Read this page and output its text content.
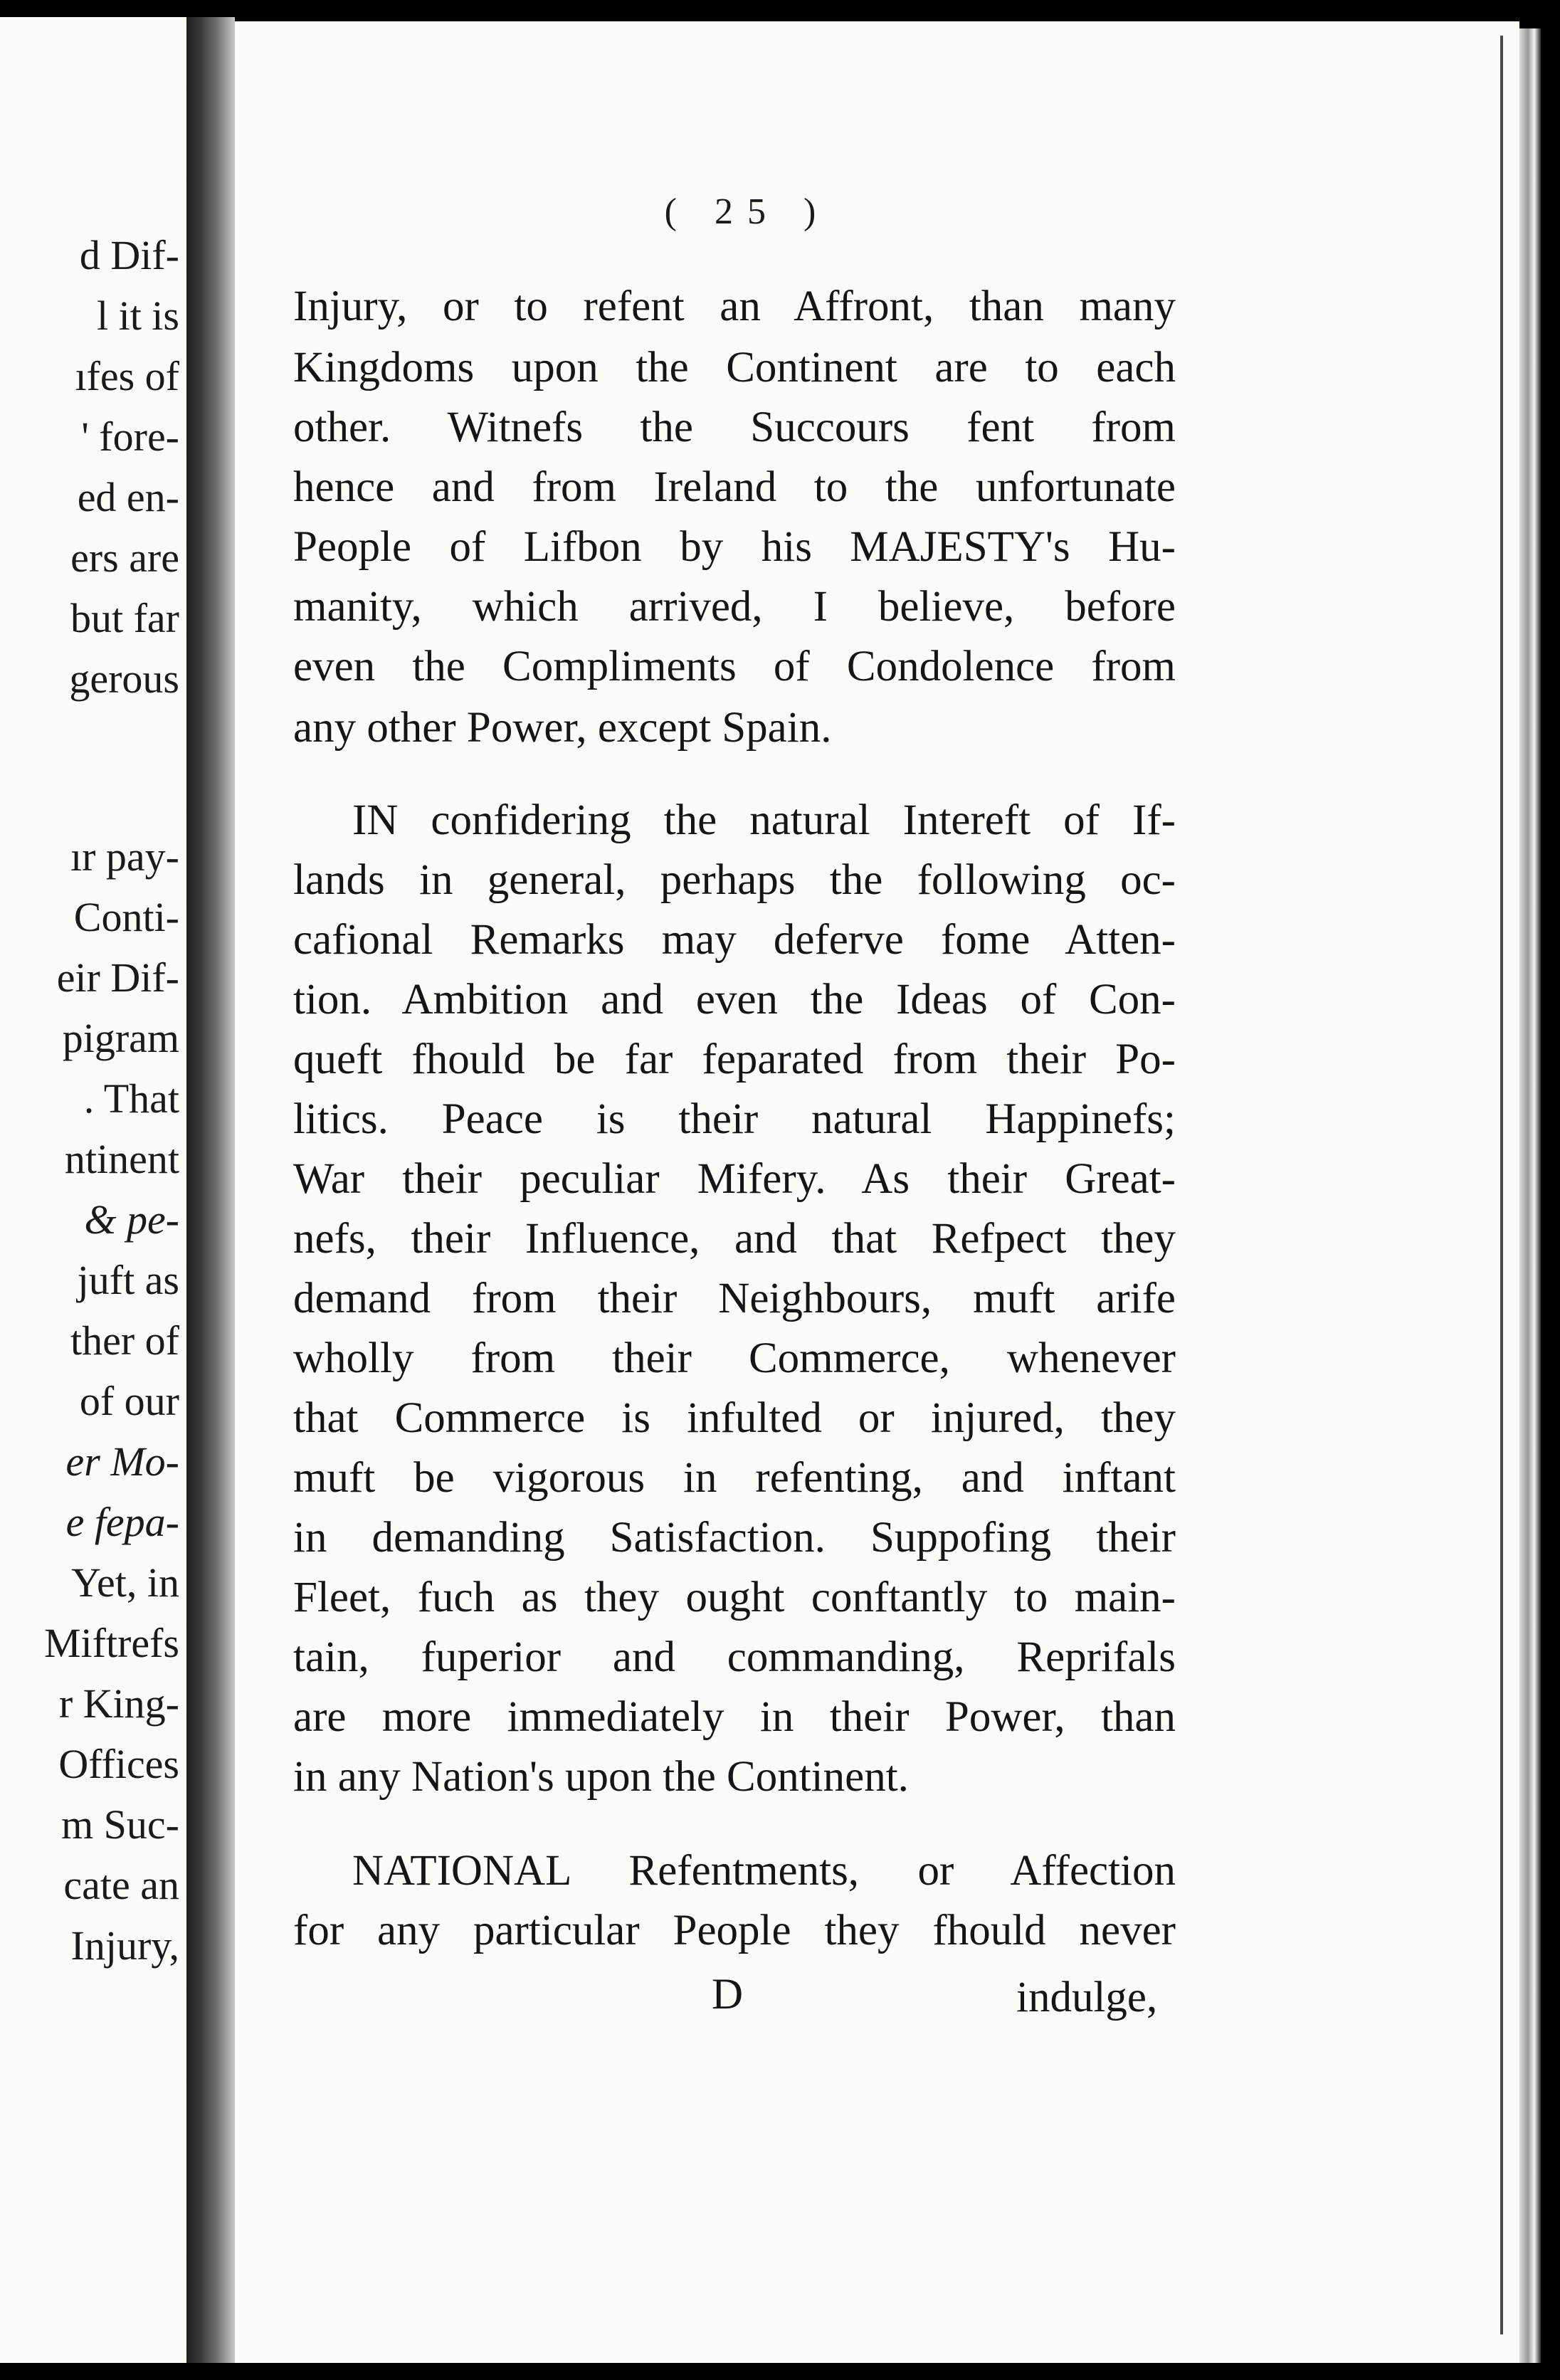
d Dif-
l it is
ıfes of
' fore-
ed en-
ers are
but far
gerous
ır pay-
Conti-
eir Dif-
pigram
. That
ntinent
& pe-
juft as
ther of
of our
er Mo-
e fepa-
Yet, in
Miftrefs
r King-
Offices
m Suc-
cate an
Injury,
( 25 )
Injury, or to refent an Affront, than many
Kingdoms upon the Continent are to each
other. Witnefs the Succours fent from
hence and from Ireland to the unfortunate
People of Lifbon by his MAJESTY's Hu-
manity, which arrived, I believe, before
even the Compliments of Condolence from
any other Power, except Spain.
IN confidering the natural Intereft of If-
lands in general, perhaps the following oc-
cafional Remarks may deferve fome Atten-
tion. Ambition and even the Ideas of Con-
queft fhould be far feparated from their Po-
litics. Peace is their natural Happinefs;
War their peculiar Mifery. As their Great-
nefs, their Influence, and that Refpect they
demand from their Neighbours, muft arife
wholly from their Commerce, whenever
that Commerce is infulted or injured, they
muft be vigorous in refenting, and inftant
in demanding Satisfaction. Suppofing their
Fleet, fuch as they ought conftantly to main-
tain, fuperior and commanding, Reprifals
are more immediately in their Power, than
in any Nation's upon the Continent.
NATIONAL Refentments, or Affection
for any particular People they fhould never
D	indulge,
